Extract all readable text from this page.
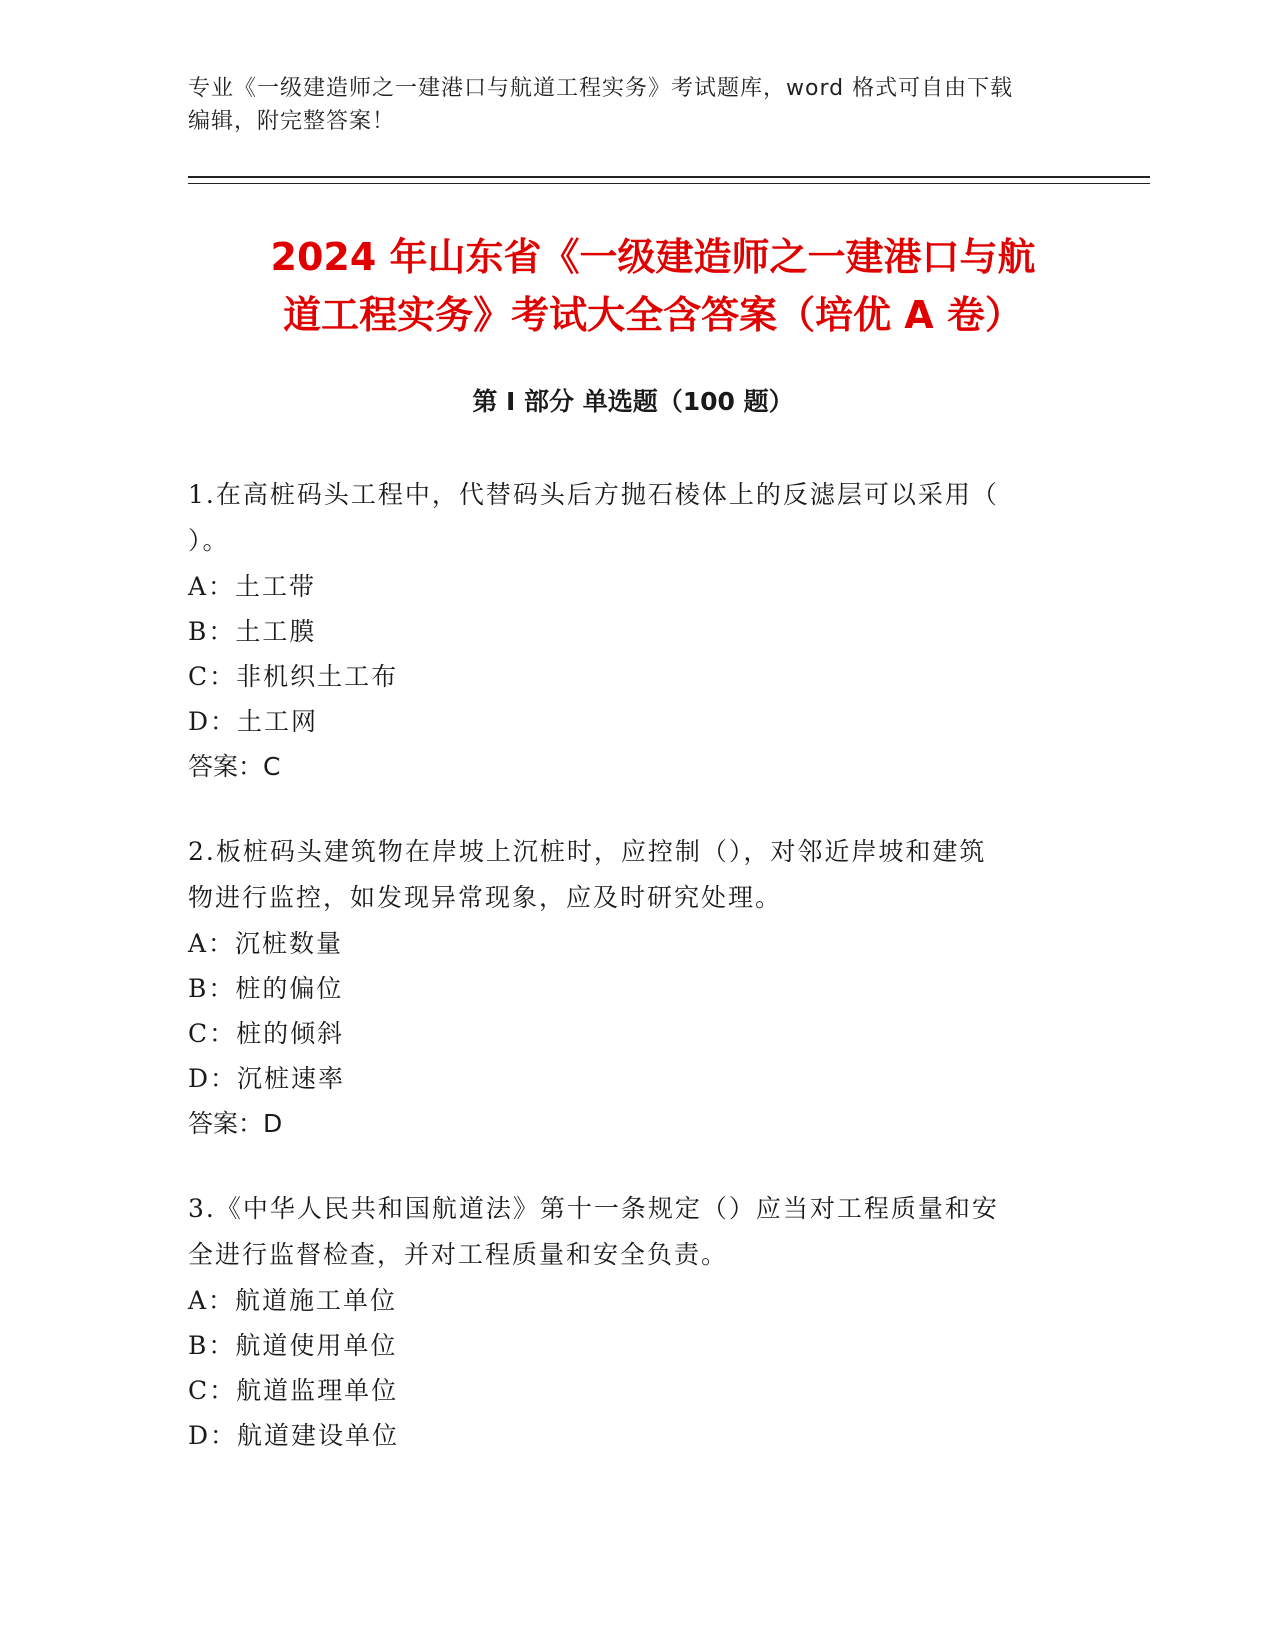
专业《一级建造师之一建港口与航道工程实务》考试题库，word 格式可自由下载
编辑，附完整答案！
2024 年山东省《一级建造师之一建港口与航
道工程实务》考试大全含答案（培优 A 卷）
第 I 部分 单选题（100 题）
1.在高桩码头工程中，代替码头后方抛石棱体上的反滤层可以采用（
）。
A：土工带
B：土工膜
C：非机织土工布
D：土工网
答案：C
2.板桩码头建筑物在岸坡上沉桩时，应控制（），对邻近岸坡和建筑
物进行监控，如发现异常现象，应及时研究处理。
A：沉桩数量
B：桩的偏位
C：桩的倾斜
D：沉桩速率
答案：D
3.《中华人民共和国航道法》第十一条规定（）应当对工程质量和安
全进行监督检查，并对工程质量和安全负责。
A：航道施工单位
B：航道使用单位
C：航道监理单位
D：航道建设单位
